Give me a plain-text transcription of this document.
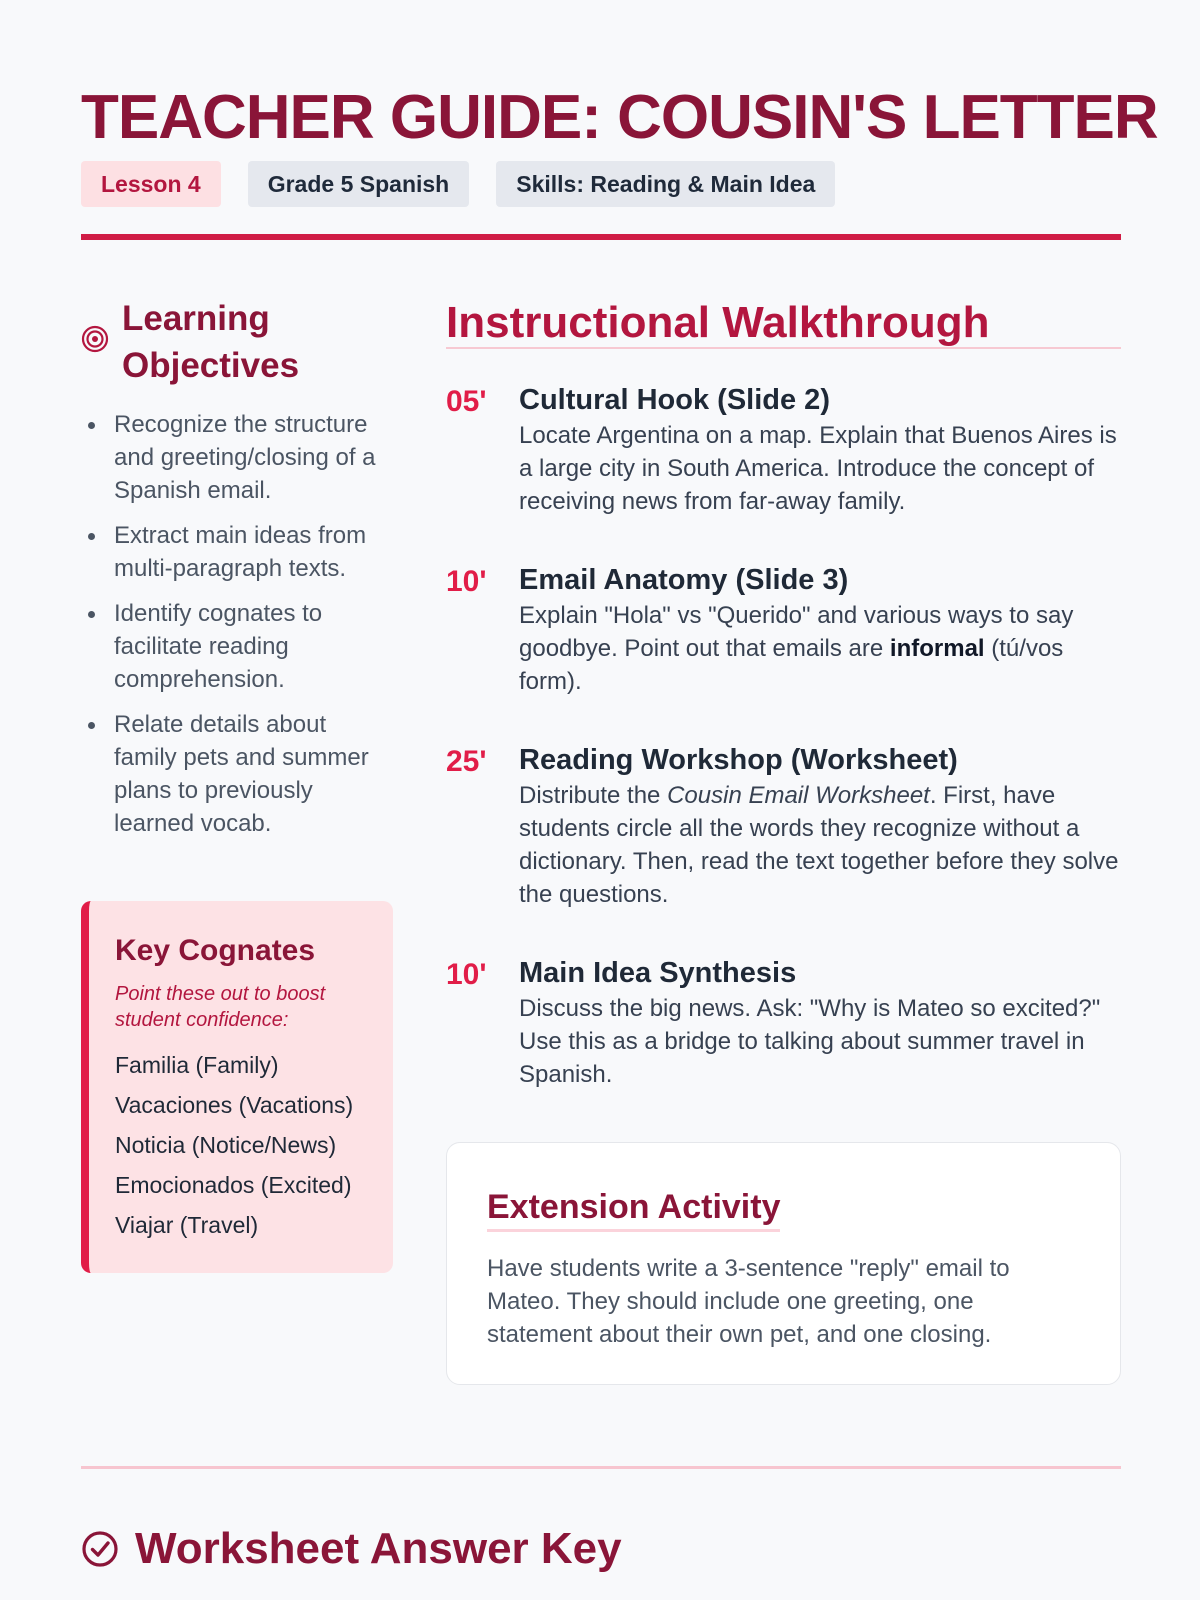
TEACHER GUIDE: COUSIN'S LETTER
Lesson 4	Grade 5 Spanish	Skills: Reading & Main Idea
Learning Objectives
Recognize the structure and greeting/closing of a Spanish email.
Extract main ideas from multi-paragraph texts.
Identify cognates to facilitate reading comprehension.
Relate details about family pets and summer plans to previously learned vocab.
Key Cognates
Point these out to boost student confidence:
Familia (Family)
Vacaciones (Vacations)
Noticia (Notice/News)
Emocionados (Excited)
Viajar (Travel)
Instructional Walkthrough
05' Cultural Hook (Slide 2)
Locate Argentina on a map. Explain that Buenos Aires is a large city in South America. Introduce the concept of receiving news from far-away family.
10' Email Anatomy (Slide 3)
Explain "Hola" vs "Querido" and various ways to say goodbye. Point out that emails are informal (tú/vos form).
25' Reading Workshop (Worksheet)
Distribute the Cousin Email Worksheet. First, have students circle all the words they recognize without a dictionary. Then, read the text together before they solve the questions.
10' Main Idea Synthesis
Discuss the big news. Ask: "Why is Mateo so excited?" Use this as a bridge to talking about summer travel in Spanish.
Extension Activity
Have students write a 3-sentence "reply" email to Mateo. They should include one greeting, one statement about their own pet, and one closing.
Worksheet Answer Key
